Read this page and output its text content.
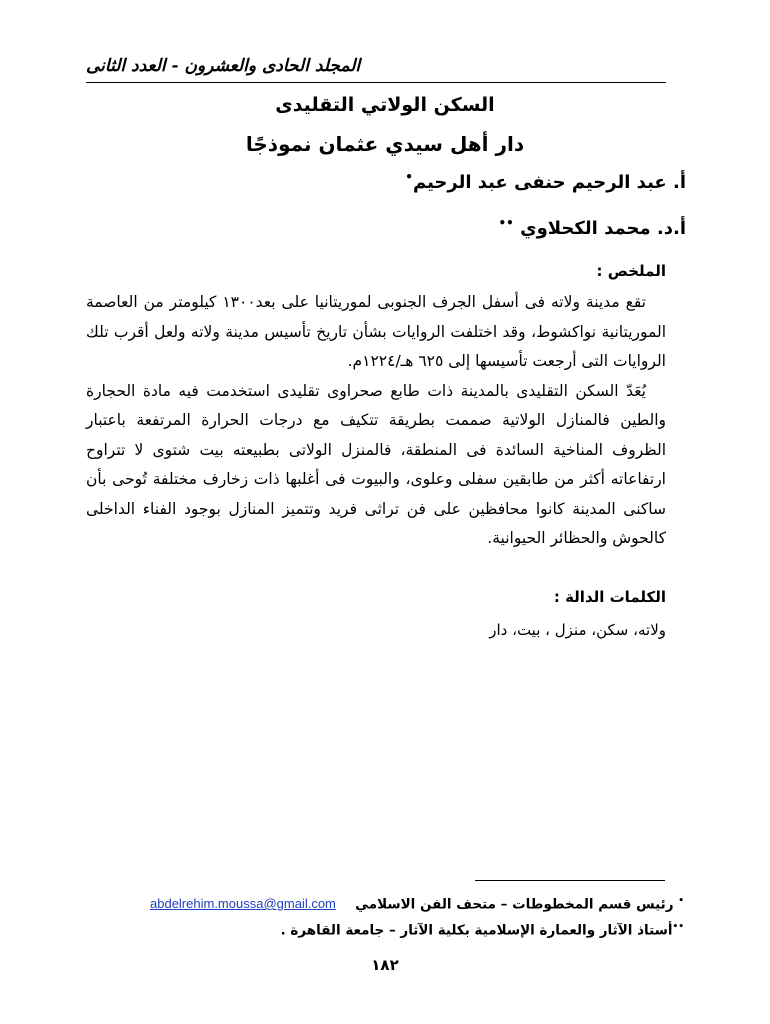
المجلد الحادى والعشرون - العدد الثانى
السكن الولاتي التقليدى
دار أهل سيدي عثمان نموذجًا
أ. عبد الرحيم حنفى عبد الرحيم•
أ.د. محمد الكحلاوي ••
الملخص :

تقع مدينة ولاته فى أسفل الجرف الجنوبى لموريتانيا على بعد١٣٠٠ كيلومتر من العاصمة الموريتانية نواكشوط، وقد اختلفت الروايات بشأن تاريخ تأسيس مدينة ولاته ولعل أقرب تلك الروايات التى أرجعت تأسيسها إلى ٦٢٥ هـ/١٢٢٤م.

يُعَدّ السكن التقليدى بالمدينة ذات طابع صحراوى تقليدى استخدمت فيه مادة الحجارة والطين فالمنازل الولاتية صممت بطريقة تتكيف مع درجات الحرارة المرتفعة باعتبار الظروف المناخية السائدة فى المنطقة، فالمنزل الولاتى بطبيعته بيت شتوى لا تتراوح ارتفاعاته أكثر من طابقين سفلى وعلوى، والبيوت فى أغلبها ذات زخارف مختلفة تُوحى بأن ساكنى المدينة كانوا محافظين على فن تراثى فريد وتتميز المنازل بوجود الفناء الداخلى كالحوش والحظائر الحيوانية.

الكلمات الدالة :
ولاته، سكن، منزل ، بيت، دار
• رئيس قسم المخطوطات – متحف الفن الاسلامي
abdelrehim.moussa@gmail.com
••أستاذ الآثار والعمارة الإسلامية بكلية الآثار – جامعة القاهرة .
١٨٢
